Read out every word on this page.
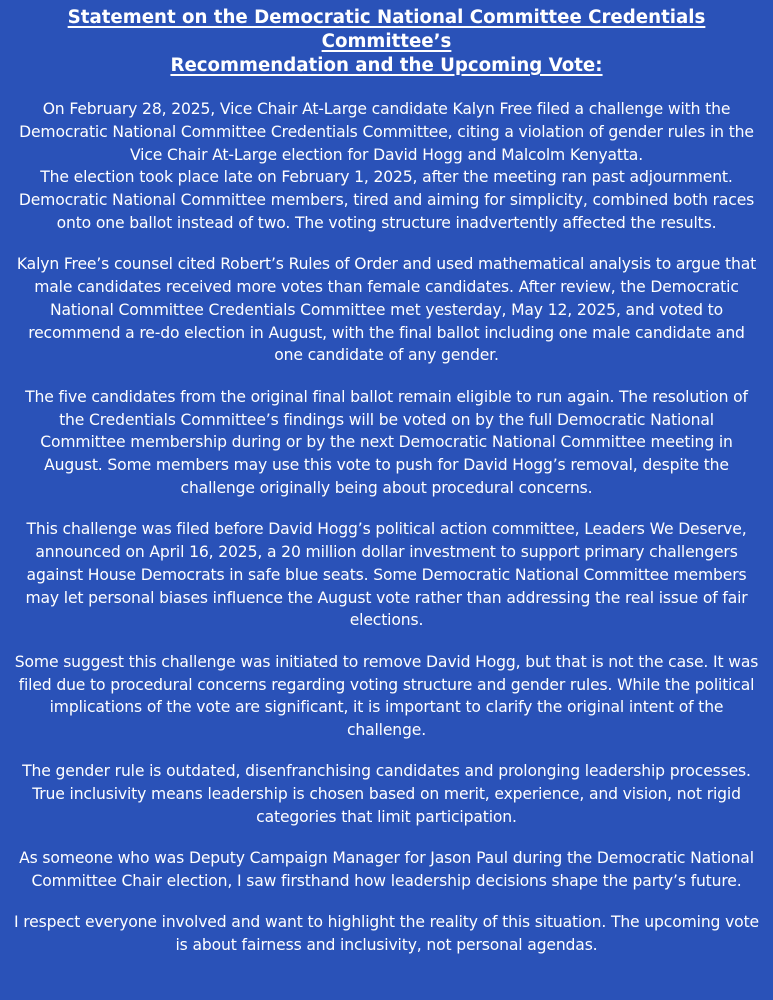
Statement on the Democratic National Committee Credentials Committee’s
Recommendation and the Upcoming Vote:

On February 28, 2025, Vice Chair At-Large candidate Kalyn Free filed a challenge with the
Democratic National Committee Credentials Committee, citing a violation of gender rules in the
Vice Chair At-Large election for David Hogg and Malcolm Kenyatta.
The election took place late on February 1, 2025, after the meeting ran past adjournment.
Democratic National Committee members, tired and aiming for simplicity, combined both races
onto one ballot instead of two. The voting structure inadvertently affected the results.

Kalyn Free’s counsel cited Robert’s Rules of Order and used mathematical analysis to argue that
male candidates received more votes than female candidates. After review, the Democratic
National Committee Credentials Committee met yesterday, May 12, 2025, and voted to
recommend a re-do election in August, with the final ballot including one male candidate and
one candidate of any gender.

The five candidates from the original final ballot remain eligible to run again. The resolution of
the Credentials Committee’s findings will be voted on by the full Democratic National
Committee membership during or by the next Democratic National Committee meeting in
August. Some members may use this vote to push for David Hogg’s removal, despite the
challenge originally being about procedural concerns.

This challenge was filed before David Hogg’s political action committee, Leaders We Deserve,
announced on April 16, 2025, a 20 million dollar investment to support primary challengers
against House Democrats in safe blue seats. Some Democratic National Committee members
may let personal biases influence the August vote rather than addressing the real issue of fair
elections.

Some suggest this challenge was initiated to remove David Hogg, but that is not the case. It was
filed due to procedural concerns regarding voting structure and gender rules. While the political
implications of the vote are significant, it is important to clarify the original intent of the
challenge.

The gender rule is outdated, disenfranchising candidates and prolonging leadership processes.
True inclusivity means leadership is chosen based on merit, experience, and vision, not rigid
categories that limit participation.

As someone who was Deputy Campaign Manager for Jason Paul during the Democratic National
Committee Chair election, I saw firsthand how leadership decisions shape the party’s future.

I respect everyone involved and want to highlight the reality of this situation. The upcoming vote
is about fairness and inclusivity, not personal agendas.
